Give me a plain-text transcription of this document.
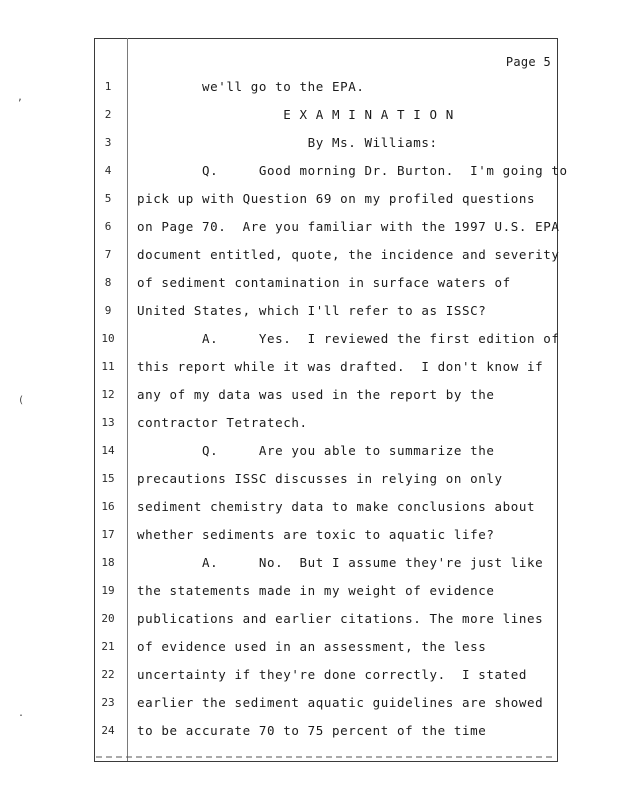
Page 5
1	we'll go to the EPA.
2	E X A M I N A T I O N
3	By Ms. Williams:
4	Q.     Good morning Dr. Burton.  I'm going to
5	pick up with Question 69 on my profiled questions
6	on Page 70.  Are you familiar with the 1997 U.S. EPA
7	document entitled, quote, the incidence and severity
8	of sediment contamination in surface waters of
9	United States, which I'll refer to as ISSC?
10	A.     Yes.  I reviewed the first edition of
11	this report while it was drafted.  I don't know if
12	any of my data was used in the report by the
13	contractor Tetratech.
14	Q.     Are you able to summarize the
15	precautions ISSC discusses in relying on only
16	sediment chemistry data to make conclusions about
17	whether sediments are toxic to aquatic life?
18	A.     No.  But I assume they're just like
19	the statements made in my weight of evidence
20	publications and earlier citations. The more lines
21	of evidence used in an assessment, the less
22	uncertainty if they're done correctly.  I stated
23	earlier the sediment aquatic guidelines are showed
24	to be accurate 70 to 75 percent of the time
,
(
.
